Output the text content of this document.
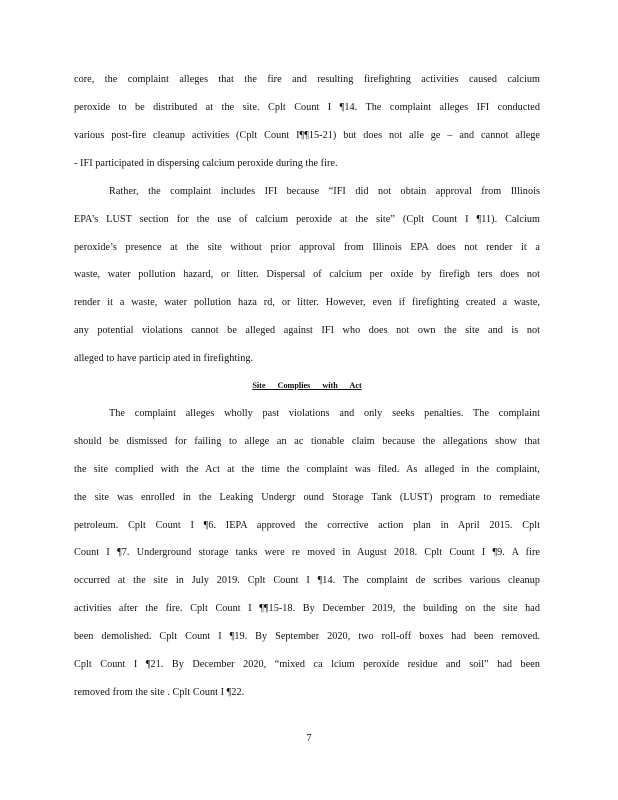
core, the complaint alleges that the fire and resulting firefighting activities caused calcium
peroxide to be distributed at the site. Cplt Count I ¶14. The complaint alleges IFI conducted
various post-fire cleanup activities (Cplt Count I¶¶15-21) but does not alle ge – and cannot allege
- IFI participated in dispersing calcium peroxide during the fire.
Rather, the complaint includes IFI because “IFI did not obtain approval from Illinois
EPA’s LUST section for the use of calcium peroxide at the site” (Cplt Count I ¶11). Calcium
peroxide’s presence at the site without prior approval from Illinois EPA does not render it a
waste, water pollution hazard, or litter. Dispersal of calcium per oxide by firefigh ters does not
render it a waste, water pollution haza rd, or litter. However, even if firefighting created a waste,
any potential violations cannot be alleged against IFI who does not own the site and is not
alleged to have particip ated in firefighting.
Site Complies with Act
The complaint alleges wholly past violations and only seeks penalties. The complaint
should be dismissed for failing to allege an ac tionable claim because the allegations show that
the site complied with the Act at the time the complaint was filed. As alleged in the complaint,
the site was enrolled in the Leaking Undergr ound Storage Tank (LUST) program to remediate
petroleum. Cplt Count I ¶6. IEPA approved the corrective action plan in April 2015. Cplt
Count I ¶7. Underground storage tanks were re moved in August 2018. Cplt Count I ¶9. A fire
occurred at the site in July 2019. Cplt Count I ¶14. The complaint de scribes various cleanup
activities after the fire. Cplt Count I ¶¶15-18. By December 2019, the building on the site had
been demolished. Cplt Count I ¶19. By September 2020, two roll-off boxes had been removed.
Cplt Count I ¶21. By December 2020, “mixed ca lcium peroxide residue and soil” had been
removed from the site . Cplt Count I ¶22.
7
